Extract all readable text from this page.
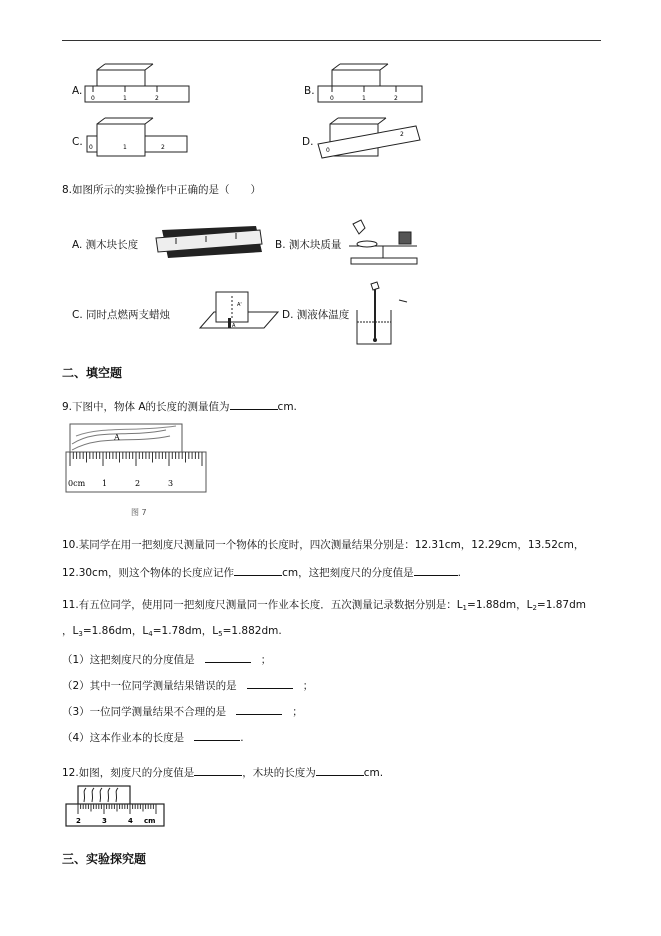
A.
0	1	2
B.
0	1	2
C. 0	1	2	D.
0
2
8.如图所示的实验操作中正确的是（　　）
A. 测木块长度	B. 测木块质量
C. 同时点燃两支蜡烛
A'
A
D. 测液体温度
二、填空题
9.下图中，物体 A的长度的测量值为	cm.
A
0cm 1	2	3
图 7
10.某同学在用一把刻度尺测量同一个物体的长度时，四次测量结果分别是：12.31cm，12.29cm，13.52cm，
12.30cm，则这个物体的长度应记作	cm，这把刻度尺的分度值是	.
11.有五位同学，使用同一把刻度尺测量同一作业本长度．五次测量记录数据分别是：$L_1=1.88dm$，$L_2=1.87dm$
，$L_3=1.86dm$，$L_4=1.78dm$，$L_5=1.882dm$.
（1）这把刻度尺的分度值是	；
（2）其中一位同学测量结果错误的是	；
（3）一位同学测量结果不合理的是	；
（4）这本作业本的长度是	.
12.如图，刻度尺的分度值是	，木块的长度为	cm.
2	3	4 cm
三、实验探究题
